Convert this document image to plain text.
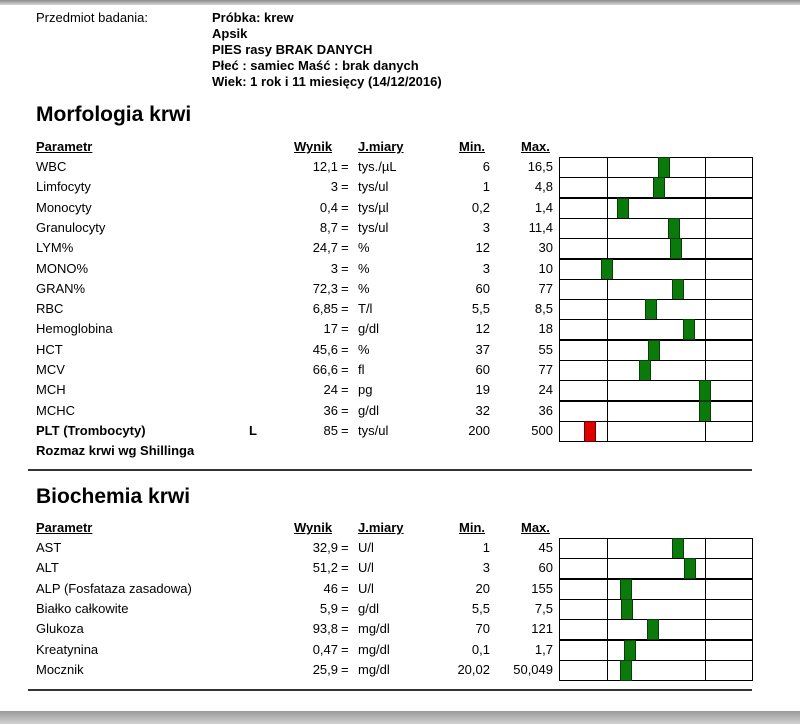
Przedmiot badania:	Próbka: krew
Apsik
PIES rasy BRAK DANYCH
Płeć : samiec Maść : brak danych
Wiek: 1 rok i 11 miesięcy (14/12/2016)
Morfologia krwi
Parametr	Wynik J.miary	Min.	Max.
WBC	12,1 = tys./µL	6	16,5
Limfocyty	3 = tys/ul	1	4,8
Monocyty	0,4 = tys/µl	0,2	1,4
Granulocyty	8,7 = tys/ul	3	11,4
LYM%	24,7 = %	12	30
MONO%	3 = %	3	10
GRAN%	72,3 = %	60	77
RBC	6,85 = T/l	5,5	8,5
Hemoglobina	17 = g/dl	12	18
HCT	45,6 = %	37	55
MCV	66,6 = fl	60	77
MCH	24 = pg	19	24
MCHC	36 = g/dl	32	36
PLT (Trombocyty)	L	85 = tys/ul	200	500
Rozmaz krwi wg Shillinga
Biochemia krwi
Parametr	Wynik J.miary	Min.	Max.
AST	32,9 = U/l	1	45
ALT	51,2 = U/l	3	60
ALP (Fosfataza zasadowa)	46 = U/l	20	155
Białko całkowite	5,9 = g/dl	5,5	7,5
Glukoza	93,8 = mg/dl	70	121
Kreatynina	0,47 = mg/dl	0,1	1,7
Mocznik	25,9 = mg/dl	20,02	50,049
